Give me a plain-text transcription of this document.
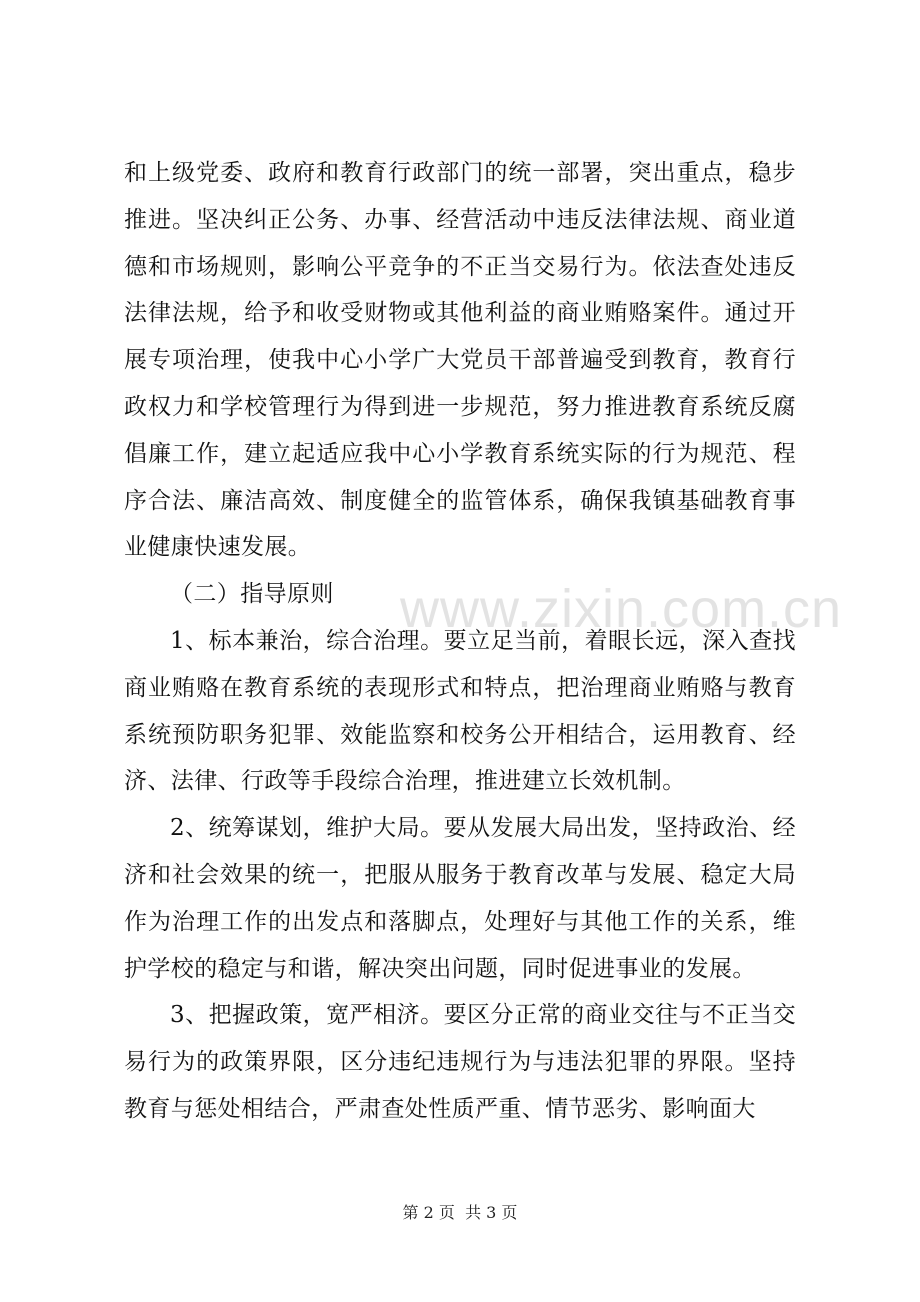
www.zixin.com.cn

和上级党委、政府和教育行政部门的统一部署，突出重点，稳步推进。坚决纠正公务、办事、经营活动中违反法律法规、商业道德和市场规则，影响公平竞争的不正当交易行为。依法查处违反法律法规，给予和收受财物或其他利益的商业贿赂案件。通过开展专项治理，使我中心小学广大党员干部普遍受到教育，教育行政权力和学校管理行为得到进一步规范，努力推进教育系统反腐倡廉工作，建立起适应我中心小学教育系统实际的行为规范、程序合法、廉洁高效、制度健全的监管体系，确保我镇基础教育事业健康快速发展。

（二）指导原则

1、标本兼治，综合治理。要立足当前，着眼长远，深入查找商业贿赂在教育系统的表现形式和特点，把治理商业贿赂与教育系统预防职务犯罪、效能监察和校务公开相结合，运用教育、经济、法律、行政等手段综合治理，推进建立长效机制。

2、统筹谋划，维护大局。要从发展大局出发，坚持政治、经济和社会效果的统一，把服从服务于教育改革与发展、稳定大局作为治理工作的出发点和落脚点，处理好与其他工作的关系，维护学校的稳定与和谐，解决突出问题，同时促进事业的发展。

3、把握政策，宽严相济。要区分正常的商业交往与不正当交易行为的政策界限，区分违纪违规行为与违法犯罪的界限。坚持教育与惩处相结合，严肃查处性质严重、情节恶劣、影响面大

第 2 页  共 3 页
